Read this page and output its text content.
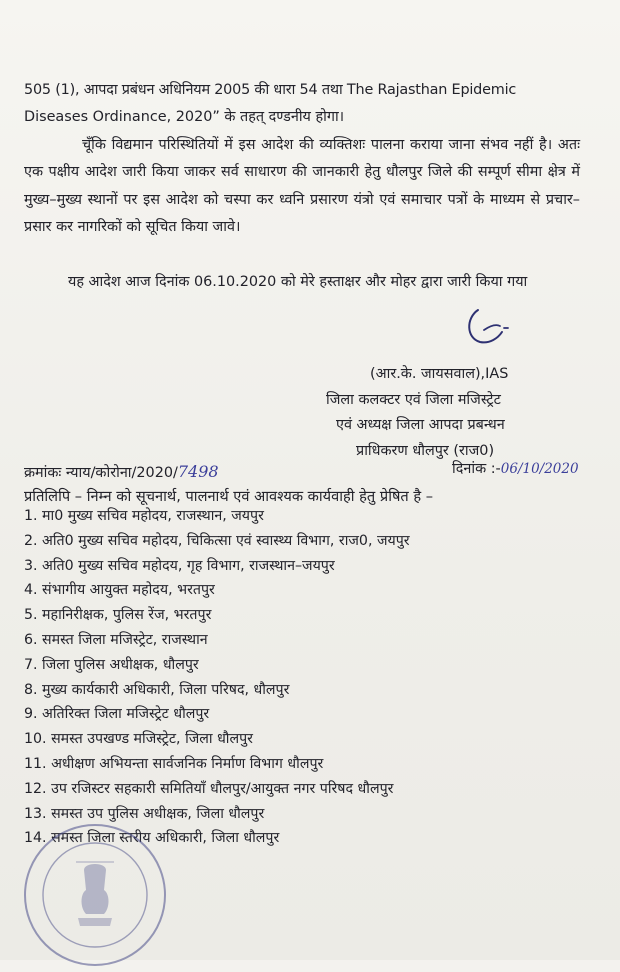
505 (1), आपदा प्रबंधन अधिनियम 2005 की धारा 54 तथा The Rajasthan Epidemic
Diseases Ordinance, 2020” के तहत् दण्डनीय होगा।

चूँकि विद्यमान परिस्थितियों में इस आदेश की व्यक्तिशः पालना कराया जाना संभव नहीं है। अतः एक पक्षीय आदेश जारी किया जाकर सर्व साधारण की जानकारी हेतु धौलपुर जिले की सम्पूर्ण सीमा क्षेत्र में मुख्य–मुख्य स्थानों पर इस आदेश को चस्पा कर ध्वनि प्रसारण यंत्रो एवं समाचार पत्रों के माध्यम से प्रचार–प्रसार कर नागरिकों को सूचित किया जावे।

यह आदेश आज दिनांक 06.10.2020 को मेरे हस्ताक्षर और मोहर द्वारा जारी किया गया

(आर.के. जायसवाल),IAS
जिला कलक्टर एवं जिला मजिस्ट्रेट
एवं अध्यक्ष जिला आपदा प्रबन्धन
प्राधिकरण धौलपुर (राज0)
क्रमांकः न्याय/कोरोना/2020/7498	दिनांक :-06/10/2020
प्रतिलिपि – निम्न को सूचनार्थ, पालनार्थ एवं आवश्यक कार्यवाही हेतु प्रेषित है –
1. मा0 मुख्य सचिव महोदय, राजस्थान, जयपुर
2. अति0 मुख्य सचिव महोदय, चिकित्सा एवं स्वास्थ्य विभाग, राज0, जयपुर
3. अति0 मुख्य सचिव महोदय, गृह विभाग, राजस्थान–जयपुर
4. संभागीय आयुक्त महोदय, भरतपुर
5. महानिरीक्षक, पुलिस रेंज, भरतपुर
6. समस्त जिला मजिस्ट्रेट, राजस्थान
7. जिला पुलिस अधीक्षक, धौलपुर
8. मुख्य कार्यकारी अधिकारी, जिला परिषद, धौलपुर
9. अतिरिक्त जिला मजिस्ट्रेट धौलपुर
10. समस्त उपखण्ड मजिस्ट्रेट, जिला धौलपुर
11. अधीक्षण अभियन्ता सार्वजनिक निर्माण विभाग धौलपुर
12. उप रजिस्टर सहकारी समितियाँ धौलपुर/आयुक्त नगर परिषद धौलपुर
13. समस्त उप पुलिस अधीक्षक, जिला धौलपुर
14. समस्त जिला स्तरीय अधिकारी, जिला धौलपुर
